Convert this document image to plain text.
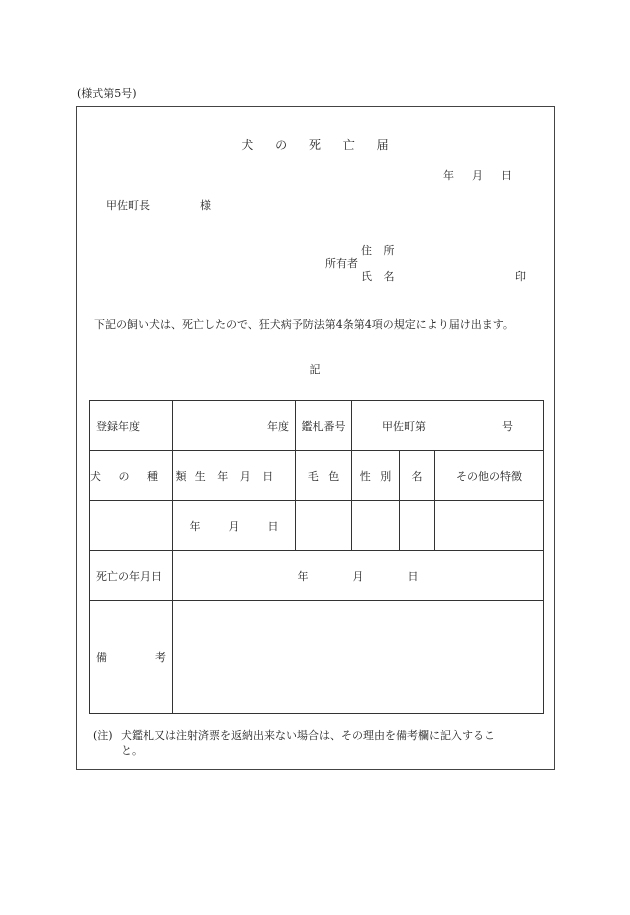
(様式第5号)
犬 の 死 亡 届
年 月 日
甲佐町長	様
住 所
所有者
氏 名	印
下記の飼い犬は、死亡したので、狂犬病予防法第4条第4項の規定により届け出ます。
記
登録年度	年度	鑑札番号	甲佐町第 号		

犬 の 種 類	生 年 月 日	毛 色	性 別	名	その他の特徴
	年 月 日				
死亡の年月日	年 月 日				

備 考					

(注) 犬鑑札又は注射済票を返納出来ない場合は、その理由を備考欄に記入するこ
と。
